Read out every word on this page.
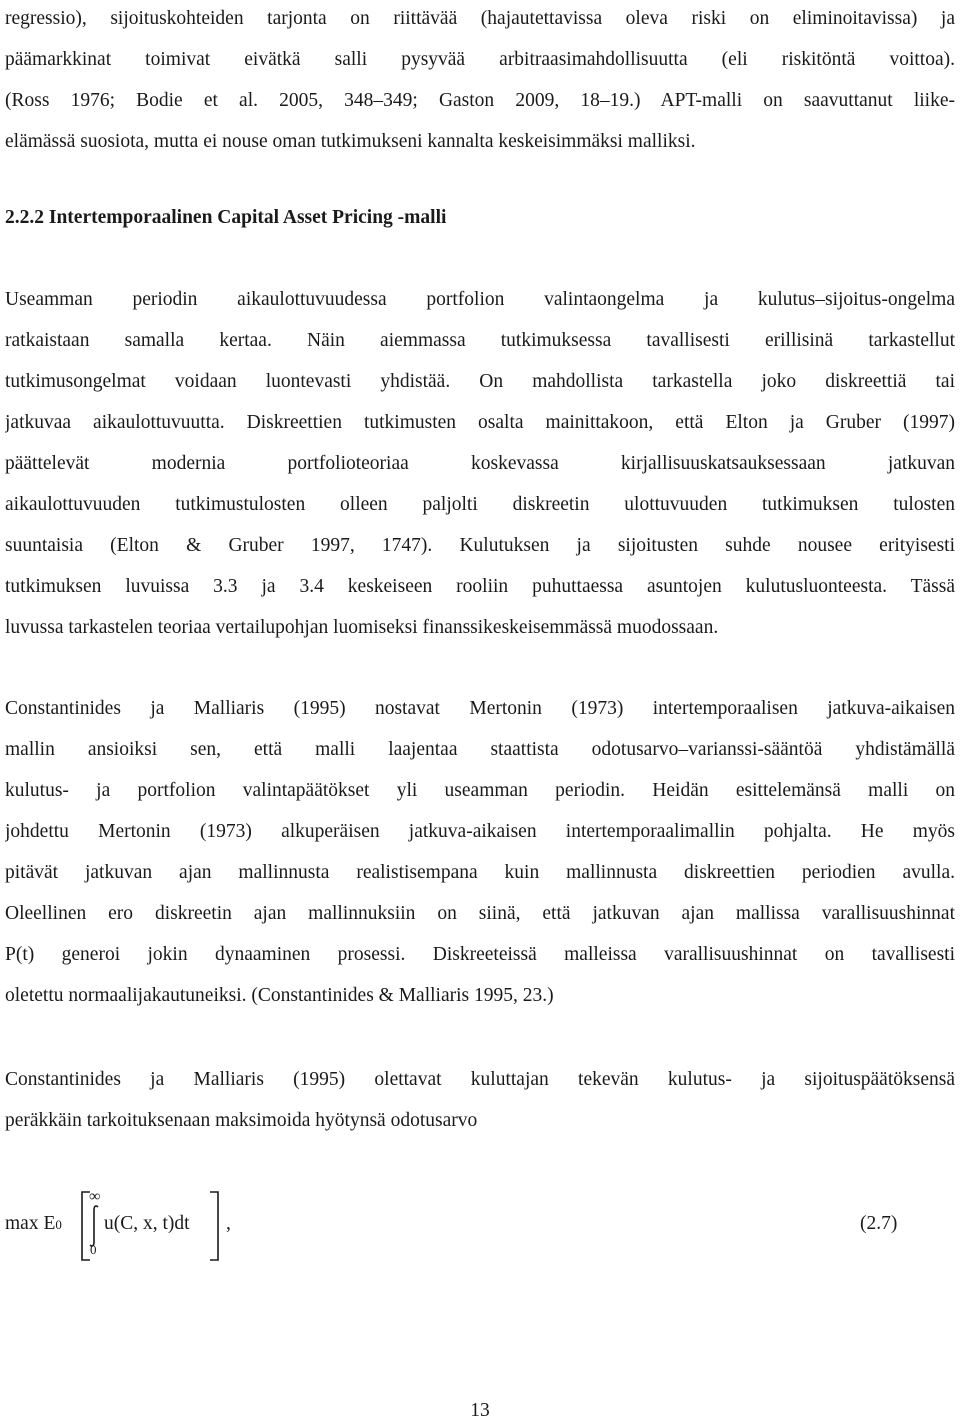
regressio), sijoituskohteiden tarjonta on riittävää (hajautettavissa oleva riski on eliminoitavissa) ja
päämarkkinat toimivat eivätkä salli pysyvää arbitraasimahdollisuutta (eli riskitöntä voittoa).
(Ross 1976; Bodie et al. 2005, 348–349; Gaston 2009, 18–19.) APT-malli on saavuttanut liike-
elämässä suosiota, mutta ei nouse oman tutkimukseni kannalta keskeisimmäksi malliksi.
2.2.2 Intertemporaalinen Capital Asset Pricing -malli
Useamman periodin aikaulottuvuudessa portfolion valintaongelma ja kulutus–sijoitus-ongelma
ratkaistaan samalla kertaa. Näin aiemmassa tutkimuksessa tavallisesti erillisinä tarkastellut
tutkimusongelmat voidaan luontevasti yhdistää. On mahdollista tarkastella joko diskreettiä tai
jatkuvaa aikaulottuvuutta. Diskreettien tutkimusten osalta mainittakoon, että Elton ja Gruber (1997)
päättelevät modernia portfolioteoriaa koskevassa kirjallisuuskatsauksessaan jatkuvan
aikaulottuvuuden tutkimustulosten olleen paljolti diskreetin ulottuvuuden tutkimuksen tulosten
suuntaisia (Elton & Gruber 1997, 1747). Kulutuksen ja sijoitusten suhde nousee erityisesti
tutkimuksen luvuissa 3.3 ja 3.4 keskeiseen rooliin puhuttaessa asuntojen kulutusluonteesta. Tässä
luvussa tarkastelen teoriaa vertailupohjan luomiseksi finanssikeskeisemmässä muodossaan.
Constantinides ja Malliaris (1995) nostavat Mertonin (1973) intertemporaalisen jatkuva-aikaisen
mallin ansioiksi sen, että malli laajentaa staattista odotusarvo–varianssi-sääntöä yhdistämällä
kulutus- ja portfolion valintapäätökset yli useamman periodin. Heidän esittelemänsä malli on
johdettu Mertonin (1973) alkuperäisen jatkuva-aikaisen intertemporaalimallin pohjalta. He myös
pitävät jatkuvan ajan mallinnusta realistisempana kuin mallinnusta diskreettien periodien avulla.
Oleellinen ero diskreetin ajan mallinnuksiin on siinä, että jatkuvan ajan mallissa varallisuushinnat
P(t) generoi jokin dynaaminen prosessi. Diskreeteissä malleissa varallisuushinnat on tavallisesti
oletettu normaalijakautuneiksi. (Constantinides & Malliaris 1995, 23.)
Constantinides ja Malliaris (1995) olettavat kuluttajan tekevän kulutus- ja sijoituspäätöksensä
peräkkäin tarkoituksenaan maksimoida hyötynsä odotusarvo
max E0
∞
0
u(C, x, t)dt ,	(2.7)
13
